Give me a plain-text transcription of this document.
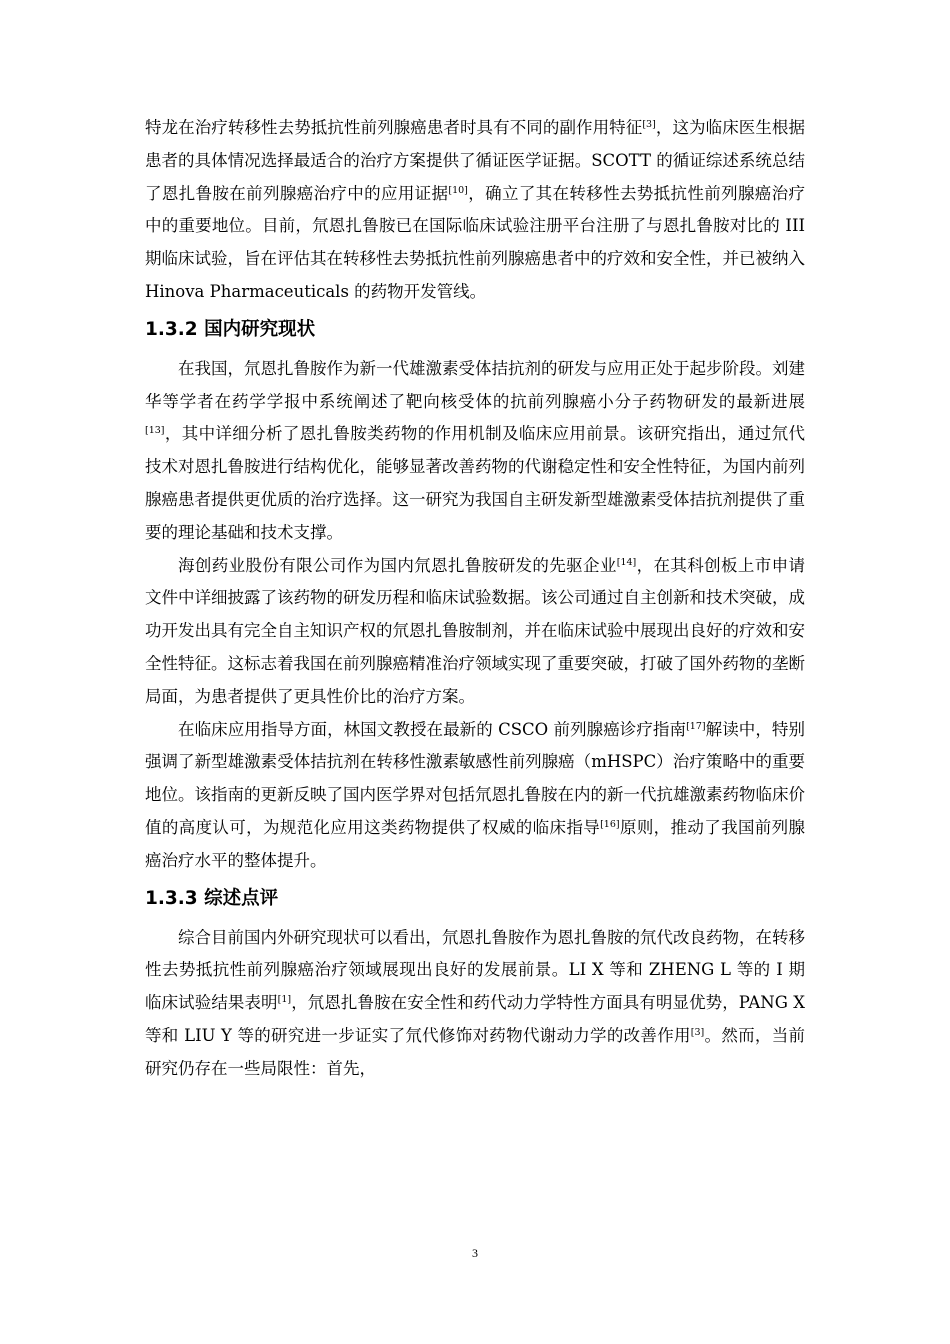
特龙在治疗转移性去势抵抗性前列腺癌患者时具有不同的副作用特征[3]，这为临床医生根据患者的具体情况选择最适合的治疗方案提供了循证医学证据。SCOTT 的循证综述系统总结了恩扎鲁胺在前列腺癌治疗中的应用证据[10]，确立了其在转移性去势抵抗性前列腺癌治疗中的重要地位。目前，氘恩扎鲁胺已在国际临床试验注册平台注册了与恩扎鲁胺对比的 III 期临床试验，旨在评估其在转移性去势抵抗性前列腺癌患者中的疗效和安全性，并已被纳入 Hinova Pharmaceuticals 的药物开发管线。

1.3.2 国内研究现状

在我国，氘恩扎鲁胺作为新一代雄激素受体拮抗剂的研发与应用正处于起步阶段。刘建华等学者在药学学报中系统阐述了靶向核受体的抗前列腺癌小分子药物研发的最新进展[13]，其中详细分析了恩扎鲁胺类药物的作用机制及临床应用前景。该研究指出，通过氘代技术对恩扎鲁胺进行结构优化，能够显著改善药物的代谢稳定性和安全性特征，为国内前列腺癌患者提供更优质的治疗选择。这一研究为我国自主研发新型雄激素受体拮抗剂提供了重要的理论基础和技术支撑。

海创药业股份有限公司作为国内氘恩扎鲁胺研发的先驱企业[14]，在其科创板上市申请文件中详细披露了该药物的研发历程和临床试验数据。该公司通过自主创新和技术突破，成功开发出具有完全自主知识产权的氘恩扎鲁胺制剂，并在临床试验中展现出良好的疗效和安全性特征。这标志着我国在前列腺癌精准治疗领域实现了重要突破，打破了国外药物的垄断局面，为患者提供了更具性价比的治疗方案。

在临床应用指导方面，林国文教授在最新的 CSCO 前列腺癌诊疗指南[17]解读中，特别强调了新型雄激素受体拮抗剂在转移性激素敏感性前列腺癌（mHSPC）治疗策略中的重要地位。该指南的更新反映了国内医学界对包括氘恩扎鲁胺在内的新一代抗雄激素药物临床价值的高度认可，为规范化应用这类药物提供了权威的临床指导[16]原则，推动了我国前列腺癌治疗水平的整体提升。

1.3.3 综述点评

综合目前国内外研究现状可以看出，氘恩扎鲁胺作为恩扎鲁胺的氘代改良药物，在转移性去势抵抗性前列腺癌治疗领域展现出良好的发展前景。LI X 等和 ZHENG L 等的 I 期临床试验结果表明[1]，氘恩扎鲁胺在安全性和药代动力学特性方面具有明显优势，PANG X 等和 LIU Y 等的研究进一步证实了氘代修饰对药物代谢动力学的改善作用[3]。然而，当前研究仍存在一些局限性：首先，

3
